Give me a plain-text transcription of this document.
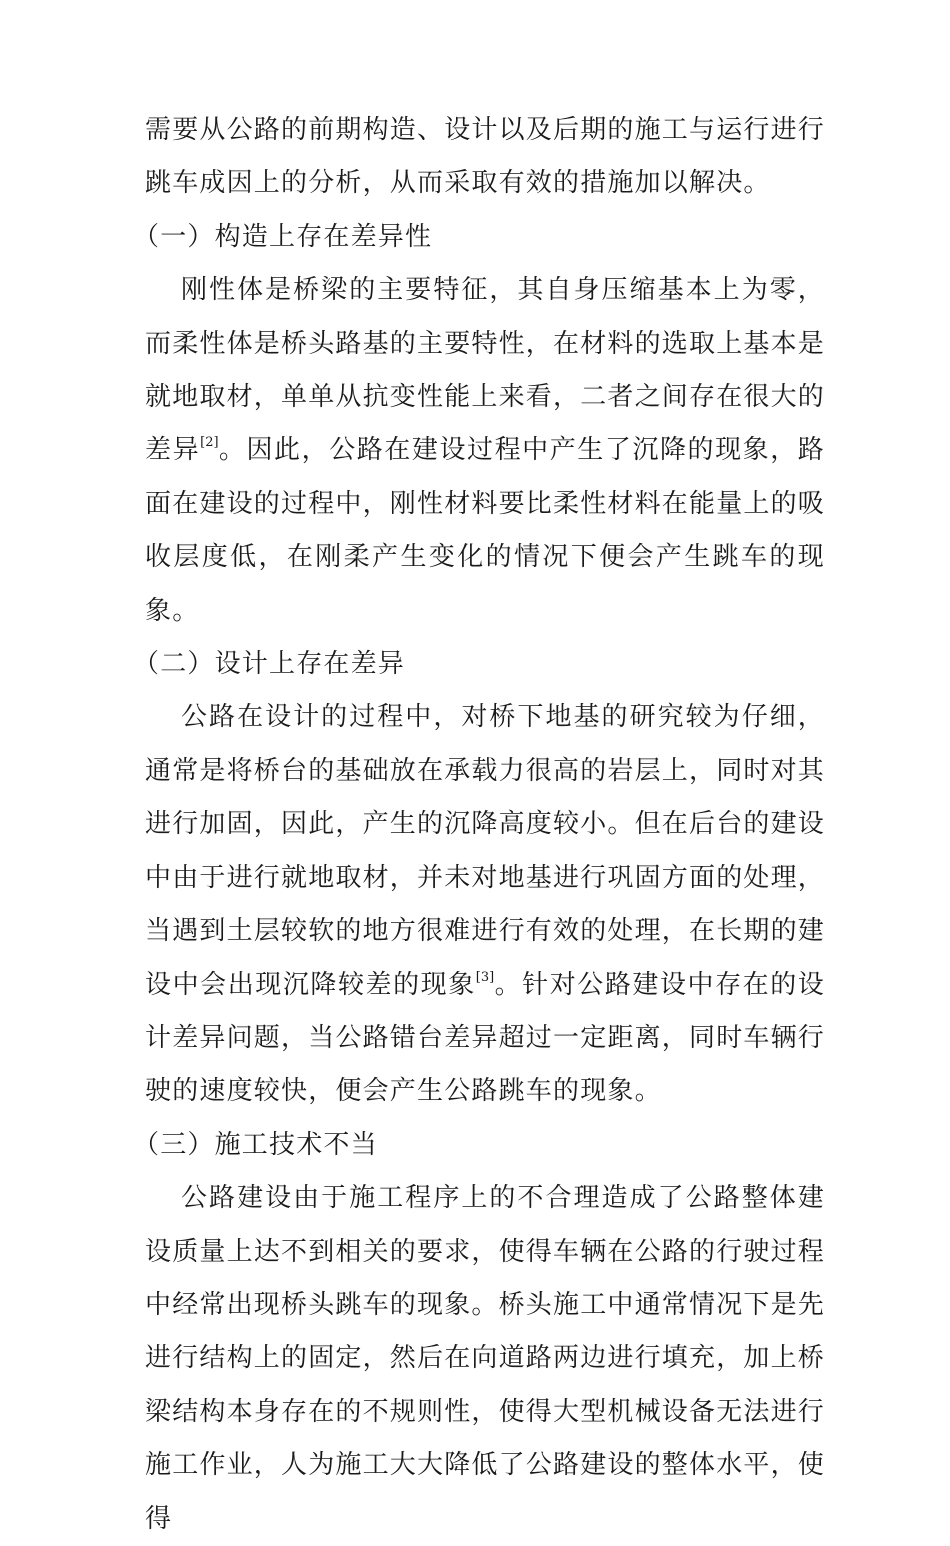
需要从公路的前期构造、设计以及后期的施工与运行进行跳车成因上的分析，从而采取有效的措施加以解决。

（一）构造上存在差异性

刚性体是桥梁的主要特征，其自身压缩基本上为零，而柔性体是桥头路基的主要特性，在材料的选取上基本是就地取材，单单从抗变性能上来看，二者之间存在很大的差异[2]。因此，公路在建设过程中产生了沉降的现象，路面在建设的过程中，刚性材料要比柔性材料在能量上的吸收层度低，在刚柔产生变化的情况下便会产生跳车的现象。

（二）设计上存在差异

公路在设计的过程中，对桥下地基的研究较为仔细，通常是将桥台的基础放在承载力很高的岩层上，同时对其进行加固，因此，产生的沉降高度较小。但在后台的建设中由于进行就地取材，并未对地基进行巩固方面的处理，当遇到土层较软的地方很难进行有效的处理，在长期的建设中会出现沉降较差的现象[3]。针对公路建设中存在的设计差异问题，当公路错台差异超过一定距离，同时车辆行驶的速度较快，便会产生公路跳车的现象。

（三）施工技术不当

公路建设由于施工程序上的不合理造成了公路整体建设质量上达不到相关的要求，使得车辆在公路的行驶过程中经常出现桥头跳车的现象。桥头施工中通常情况下是先进行结构上的固定，然后在向道路两边进行填充，加上桥梁结构本身存在的不规则性，使得大型机械设备无法进行施工作业，人为施工大大降低了公路建设的整体水平，使得
